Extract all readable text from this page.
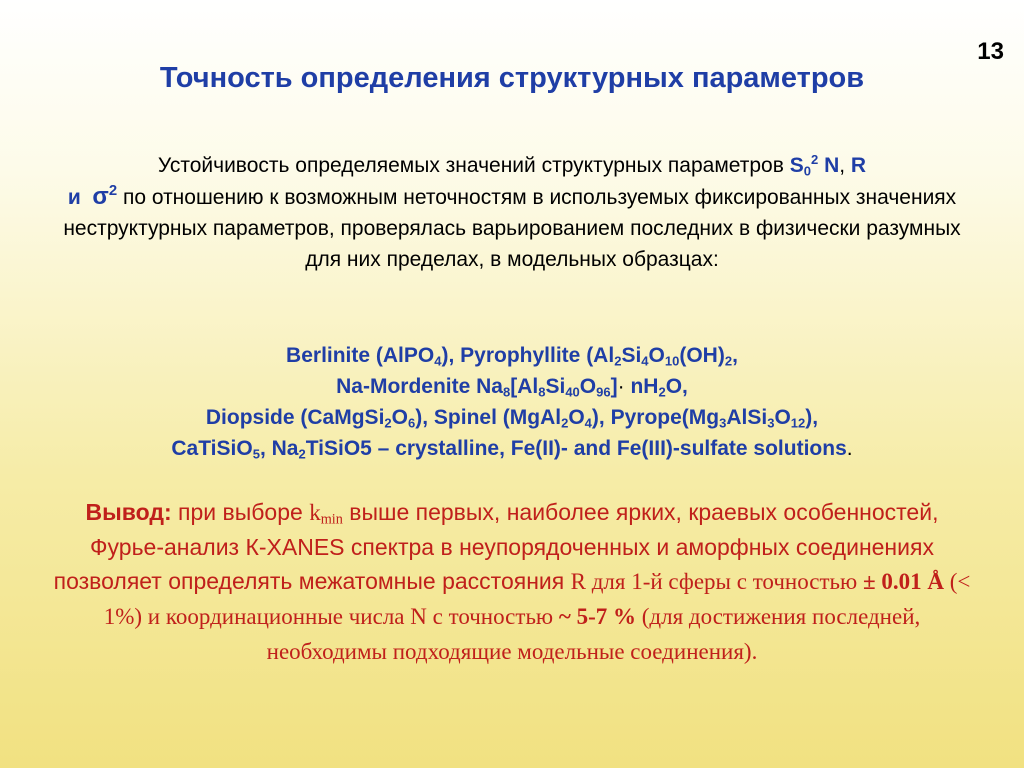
13
Точность определения структурных параметров
Устойчивость определяемых значений структурных параметров $S_0^2$ N, R
и $\sigma^2$ по отношению к возможным неточностям в используемых фиксированных значениях неструктурных параметров, проверялась варьированием последних в физически разумных для них пределах, в модельных образцах:
Berlinite (AlPO$_4$), Pyrophyllite ($Al_2Si_4O_{10}(OH)_2$,
Na-Mordenite $Na_8[Al_8Si_{40}O_{96}]\cdot nH_2O$,
Diopside $(CaMgSi_2O_6)$, Spinel $(MgAl_2O_4)$, $Pyrope(Mg_3AlSi_3O_{12})$,
CaTiSiO$_5$, $Na_2TiSiO5$ – crystalline, Fe(II)- and Fe(III)-sulfate solutions.
Вывод: при выборе $k_{min}$ выше первых, наиболее ярких, краевых особенностей, Фурье-анализ К-XANES спектра в неупорядоченных и аморфных соединениях позволяет определять межатомные расстояния R для 1-й сферы с точностью ± 0.01 Å (< 1%) и координационные числа N с точностью ~ 5-7 % (для достижения последней, необходимы подходящие модельные соединения).
